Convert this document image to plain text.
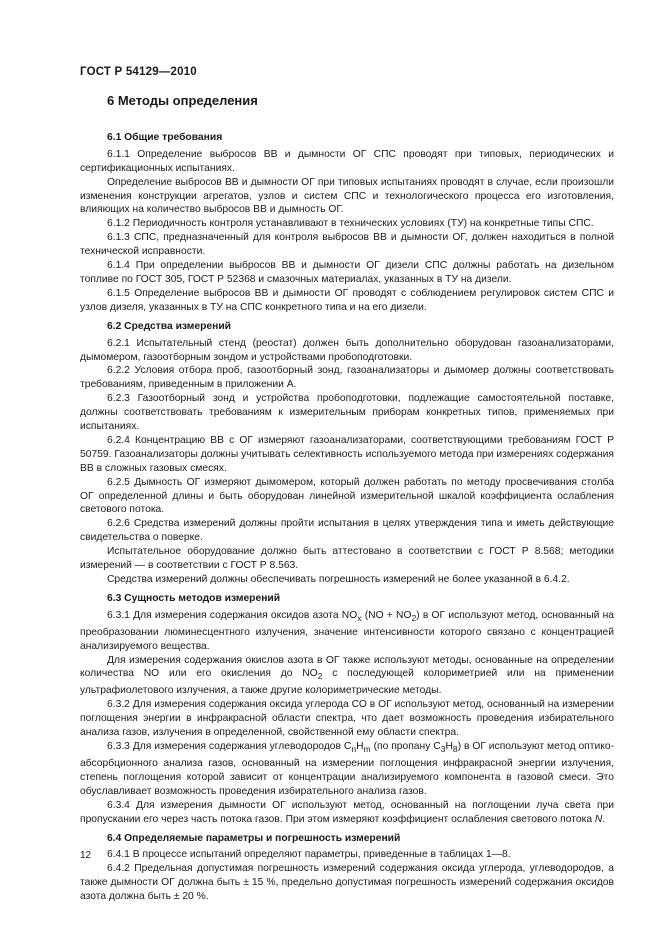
ГОСТ Р 54129—2010
6 Методы определения
6.1 Общие требования

6.1.1 Определение выбросов ВВ и дымности ОГ СПС проводят при типовых, периодических и сертификационных испытаниях.

Определение выбросов ВВ и дымности ОГ при типовых испытаниях проводят в случае, если произошли изменения конструкции агрегатов, узлов и систем СПС и технологического процесса его изготовления, влияющих на количество выбросов ВВ и дымность ОГ.

6.1.2 Периодичность контроля устанавливают в технических условиях (ТУ) на конкретные типы СПС.

6.1.3 СПС, предназначенный для контроля выбросов ВВ и дымности ОГ, должен находиться в полной технической исправности.

6.1.4 При определении выбросов ВВ и дымности ОГ дизели СПС должны работать на дизельном топливе по ГОСТ 305, ГОСТ Р 52368 и смазочных материалах, указанных в ТУ на дизели.

6.1.5 Определение выбросов ВВ и дымности ОГ проводят с соблюдением регулировок систем СПС и узлов дизеля, указанных в ТУ на СПС конкретного типа и на его дизели.

6.2 Средства измерений

6.2.1 Испытательный стенд (реостат) должен быть дополнительно оборудован газоанализаторами, дымомером, газоотборным зондом и устройствами пробоподготовки.

6.2.2 Условия отбора проб, газоотборный зонд, газоанализаторы и дымомер должны соответствовать требованиям, приведенным в приложении А.

6.2.3 Газоотборный зонд и устройства пробоподготовки, подлежащие самостоятельной поставке, должны соответствовать требованиям к измерительным приборам конкретных типов, применяемых при испытаниях.

6.2.4 Концентрацию ВВ с ОГ измеряют газоанализаторами, соответствующими требованиям ГОСТ Р 50759. Газоанализаторы должны учитывать селективность используемого метода при измерениях содержания ВВ в сложных газовых смесях.

6.2.5 Дымность ОГ измеряют дымомером, который должен работать по методу просвечивания столба ОГ определенной длины и быть оборудован линейной измерительной шкалой коэффициента ослабления светового потока.

6.2.6 Средства измерений должны пройти испытания в целях утверждения типа и иметь действующие свидетельства о поверке.

Испытательное оборудование должно быть аттестовано в соответствии с ГОСТ Р 8.568; методики измерений — в соответствии с ГОСТ Р 8.563.

Средства измерений должны обеспечивать погрешность измерений не более указанной в 6.4.2.

6.3 Сущность методов измерений

6.3.1 Для измерения содержания оксидов азота $NO_x$ $(NO + NO_2)$ в ОГ используют метод, основанный на преобразовании люминесцентного излучения, значение интенсивности которого связано с концентрацией анализируемого вещества.

Для измерения содержания окислов азота в ОГ также используют методы, основанные на определении количества NO или его окисления до $NO_2$ с последующей колориметрией или на применении ультрафиолетового излучения, а также другие колориметрические методы.

6.3.2 Для измерения содержания оксида углерода СО в ОГ используют метод, основанный на измерении поглощения энергии в инфракрасной области спектра, что дает возможность проведения избирательного анализа газов, излучения в определенной, свойственной ему области спектра.

6.3.3 Для измерения содержания углеводородов $С_nН_m$ (по пропану $С_3Н_8$) в ОГ используют метод оптико-абсорбционного анализа газов, основанный на измерении поглощения инфракрасной энергии излучения, степень поглощения которой зависит от концентрации анализируемого компонента в газовой смеси. Это обуславливает возможность проведения избирательного анализа газов.

6.3.4 Для измерения дымности ОГ используют метод, основанный на поглощении луча света при пропускании его через часть потока газов. При этом измеряют коэффициент ослабления светового потока N.

6.4 Определяемые параметры и погрешность измерений

6.4.1 В процессе испытаний определяют параметры, приведенные в таблицах 1—8.

6.4.2 Предельная допустимая погрешность измерений содержания оксида углерода, углеводородов, а также дымности ОГ должна быть ± 15 %, предельно допустимая погрешность измерений содержания оксидов азота должна быть ± 20 %.

12
